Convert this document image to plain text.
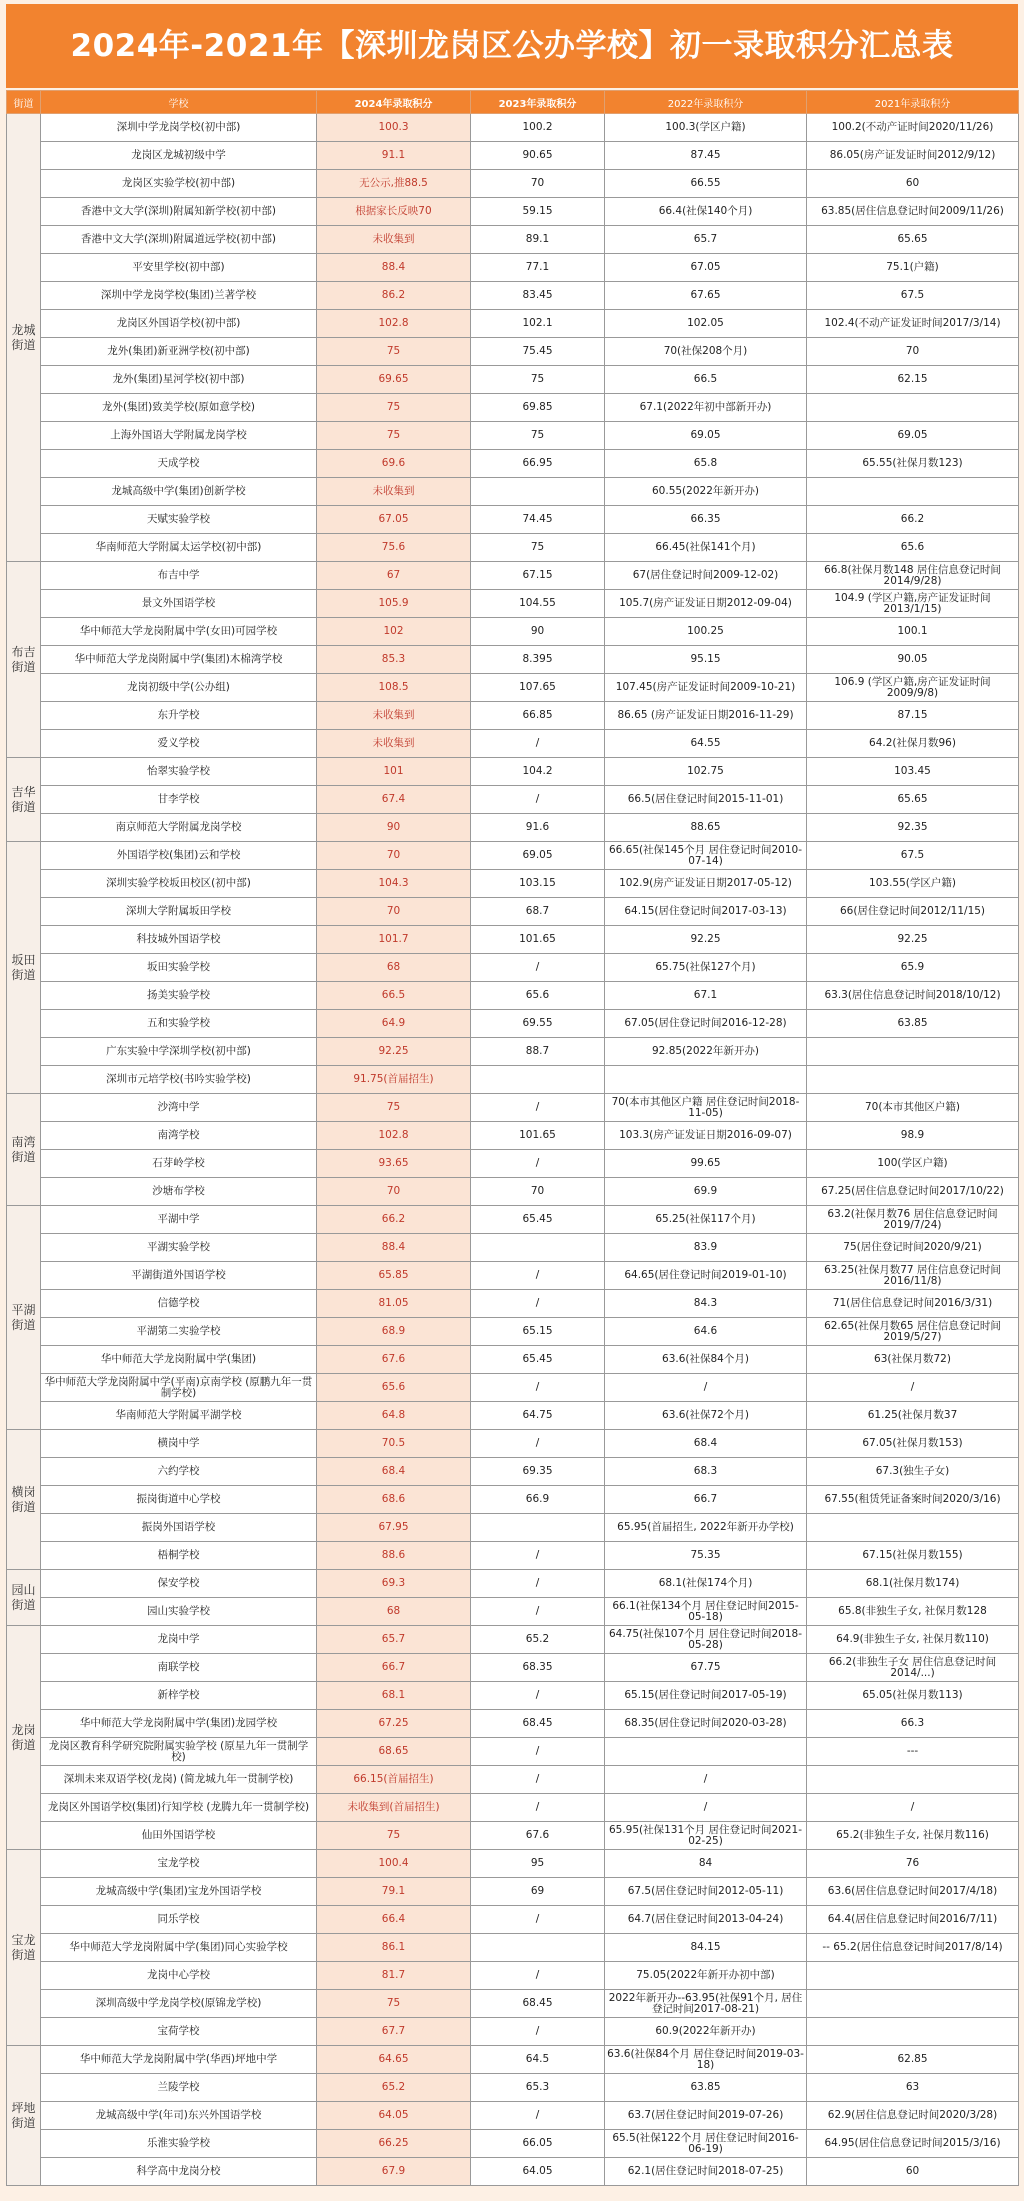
2024年-2021年【深圳龙岗区公办学校】初一录取积分汇总表
街道	学校	2024年录取积分	2023年录取积分	2022年录取积分	2021年录取积分
龙城街道	深圳中学龙岗学校(初中部)	100.3	100.2	100.3(学区户籍)	100.2(不动产证时间2020/11/26)
	龙岗区龙城初级中学	91.1	90.65	87.45	86.05(房产证发证时间2012/9/12)
	龙岗区实验学校(初中部)	无公示,推88.5	70	66.55	60
	香港中文大学(深圳)附属知新学校(初中部)	根据家长反映70	59.15	66.4(社保140个月)	63.85(居住信息登记时间2009/11/26)
	香港中文大学(深圳)附属道远学校(初中部)	未收集到	89.1	65.7	65.65
	平安里学校(初中部)	88.4	77.1	67.05	75.1(户籍)
	深圳中学龙岗学校(集团)兰著学校	86.2	83.45	67.65	67.5
	龙岗区外国语学校(初中部)	102.8	102.1	102.05	102.4(不动产证发证时间2017/3/14)
	龙外(集团)新亚洲学校(初中部)	75	75.45	70(社保208个月)	70
	龙外(集团)星河学校(初中部)	69.65	75	66.5	62.15
	龙外(集团)致美学校(原如意学校)	75	69.85	67.1(2022年初中部新开办)	
	上海外国语大学附属龙岗学校	75	75	69.05	69.05
	天成学校	69.6	66.95	65.8	65.55(社保月数123)
	龙城高级中学(集团)创新学校	未收集到		60.55(2022年新开办)	
	天赋实验学校	67.05	74.45	66.35	66.2
	华南师范大学附属太运学校(初中部)	75.6	75	66.45(社保141个月)	65.6
布吉街道	布吉中学	67	67.15	67(居住登记时间2009-12-02)	66.8(社保月数148 居住信息登记时间2014/9/28)
	景文外国语学校	105.9	104.55	105.7(房产证发证日期2012-09-04)	104.9 (学区户籍,房产证发证时间2013/1/15)
	华中师范大学龙岗附属中学(女田)可园学校	102	90	100.25	100.1
	华中师范大学龙岗附属中学(集团)木棉湾学校	85.3	8.395	95.15	90.05
	龙岗初级中学(公办组)	108.5	107.65	107.45(房产证发证时间2009-10-21)	106.9 (学区户籍,房产证发证时间2009/9/8)
	东升学校	未收集到	66.85	86.65 (房产证发证日期2016-11-29)	87.15
	爱义学校	未收集到	/	64.55	64.2(社保月数96)
吉华街道	怡翠实验学校	101	104.2	102.75	103.45
	甘李学校	67.4	/	66.5(居住登记时间2015-11-01)	65.65
	南京师范大学附属龙岗学校	90	91.6	88.65	92.35
坂田街道	外国语学校(集团)云和学校	70	69.05	66.65(社保145个月 居住登记时间2010-07-14)	67.5
	深圳实验学校坂田校区(初中部)	104.3	103.15	102.9(房产证发证日期2017-05-12)	103.55(学区户籍)
	深圳大学附属坂田学校	70	68.7	64.15(居住登记时间2017-03-13)	66(居住登记时间2012/11/15)
	科技城外国语学校	101.7	101.65	92.25	92.25
	坂田实验学校	68	/	65.75(社保127个月)	65.9
	扬美实验学校	66.5	65.6	67.1	63.3(居住信息登记时间2018/10/12)
	五和实验学校	64.9	69.55	67.05(居住登记时间2016-12-28)	63.85
	广东实验中学深圳学校(初中部)	92.25	88.7	92.85(2022年新开办)	
	深圳市元培学校(书吟实验学校)	91.75(首届招生)			
南湾街道	沙湾中学	75	/	70(本市其他区户籍 居住登记时间2018-11-05)	70(本市其他区户籍)
	南湾学校	102.8	101.65	103.3(房产证发证日期2016-09-07)	98.9
	石芽岭学校	93.65	/	99.65	100(学区户籍)
	沙塘布学校	70	70	69.9	67.25(居住信息登记时间2017/10/22)
平湖街道	平湖中学	66.2	65.45	65.25(社保117个月)	63.2(社保月数76 居住信息登记时间2019/7/24)
	平湖实验学校	88.4		83.9	75(居住登记时间2020/9/21)
	平湖街道外国语学校	65.85	/	64.65(居住登记时间2019-01-10)	63.25(社保月数77 居住信息登记时间2016/11/8)
	信德学校	81.05	/	84.3	71(居住信息登记时间2016/3/31)
	平湖第二实验学校	68.9	65.15	64.6	62.65(社保月数65 居住信息登记时间2019/5/27)
	华中师范大学龙岗附属中学(集团)	67.6	65.45	63.6(社保84个月)	63(社保月数72)
	华中师范大学龙岗附属中学(平南)京南学校 (原鹏九年一贯制学校)	65.6	/	/	/
	华南师范大学附属平湖学校	64.8	64.75	63.6(社保72个月)	61.25(社保月数37
横岗街道	横岗中学	70.5	/	68.4	67.05(社保月数153)
	六约学校	68.4	69.35	68.3	67.3(独生子女)
	振岗街道中心学校	68.6	66.9	66.7	67.55(租赁凭证备案时间2020/3/16)
	振岗外国语学校	67.95		65.95(首届招生, 2022年新开办学校)	
	梧桐学校	88.6	/	75.35	67.15(社保月数155)
园山街道	保安学校	69.3	/	68.1(社保174个月)	68.1(社保月数174)
	园山实验学校	68	/	66.1(社保134个月 居住登记时间2015-05-18)	65.8(非独生子女, 社保月数128
龙岗街道	龙岗中学	65.7	65.2	64.75(社保107个月 居住登记时间2018-05-28)	64.9(非独生子女, 社保月数110)
	南联学校	66.7	68.35	67.75	66.2(非独生子女 居住信息登记时间2014/...)
	新梓学校	68.1	/	65.15(居住登记时间2017-05-19)	65.05(社保月数113)
	华中师范大学龙岗附属中学(集团)龙园学校	67.25	68.45	68.35(居住登记时间2020-03-28)	66.3
	龙岗区教育科学研究院附属实验学校 (原星九年一贯制学校)	68.65	/		---
	深圳未来双语学校(龙岗) (简龙城九年一贯制学校)	66.15(首届招生)	/	/	
	龙岗区外国语学校(集团)行知学校 (龙腾九年一贯制学校)	未收集到(首届招生)	/	/	/
	仙田外国语学校	75	67.6	65.95(社保131个月 居住登记时间2021-02-25)	65.2(非独生子女, 社保月数116)
宝龙街道	宝龙学校	100.4	95	84	76
	龙城高级中学(集团)宝龙外国语学校	79.1	69	67.5(居住登记时间2012-05-11)	63.6(居住信息登记时间2017/4/18)
	同乐学校	66.4	/	64.7(居住登记时间2013-04-24)	64.4(居住信息登记时间2016/7/11)
	华中师范大学龙岗附属中学(集团)同心实验学校	86.1		84.15	-- 65.2(居住信息登记时间2017/8/14)
	龙岗中心学校	81.7	/	75.05(2022年新开办初中部)	
	深圳高级中学龙岗学校(原锦龙学校)	75	68.45	2022年新开办--63.95(社保91个月, 居住登记时间2017-08-21)	
	宝荷学校	67.7	/	60.9(2022年新开办)	
坪地街道	华中师范大学龙岗附属中学(华西)坪地中学	64.65	64.5	63.6(社保84个月 居住登记时间2019-03-18)	62.85
	兰陵学校	65.2	65.3	63.85	63
	龙城高级中学(年司)东兴外国语学校	64.05	/	63.7(居住登记时间2019-07-26)	62.9(居住信息登记时间2020/3/28)
	乐淮实验学校	66.25	66.05	65.5(社保122个月 居住登记时间2016-06-19)	64.95(居住信息登记时间2015/3/16)
	科学高中龙岗分校	67.9	64.05	62.1(居住登记时间2018-07-25)	60
